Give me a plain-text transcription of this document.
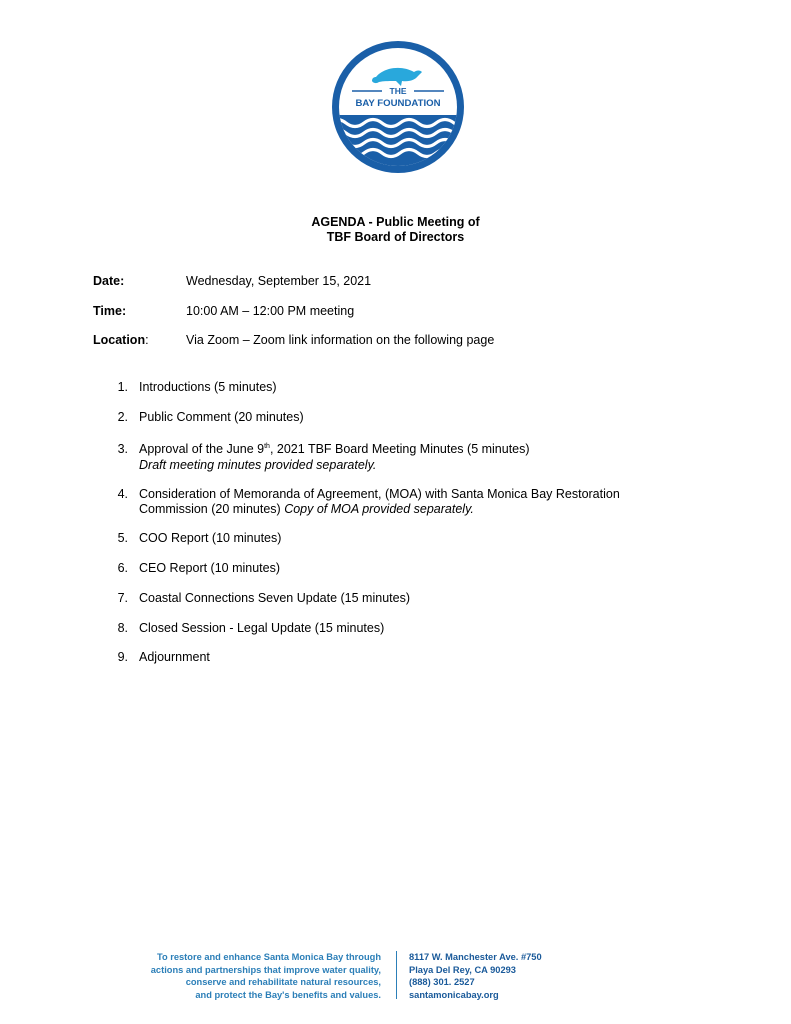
THE
BAY FOUNDATION
AGENDA - Public Meeting of
TBF Board of Directors
Date:	Wednesday, September 15, 2021
Time:	10:00 AM – 12:00 PM meeting
Location:	Via Zoom – Zoom link information on the following page
1. Introductions (5 minutes)
2. Public Comment (20 minutes)
3. Approval of the June 9th, 2021 TBF Board Meeting Minutes (5 minutes)
Draft meeting minutes provided separately.
4. Consideration of Memoranda of Agreement, (MOA) with Santa Monica Bay Restoration
Commission (20 minutes) Copy of MOA provided separately.
5. COO Report (10 minutes)
6. CEO Report (10 minutes)
7. Coastal Connections Seven Update (15 minutes)
8. Closed Session - Legal Update (15 minutes)
9. Adjournment
To restore and enhance Santa Monica Bay through
actions and partnerships that improve water quality,
conserve and rehabilitate natural resources,
and protect the Bay's benefits and values.
8117 W. Manchester Ave. #750
Playa Del Rey, CA 90293
(888) 301. 2527
santamonicabay.org
